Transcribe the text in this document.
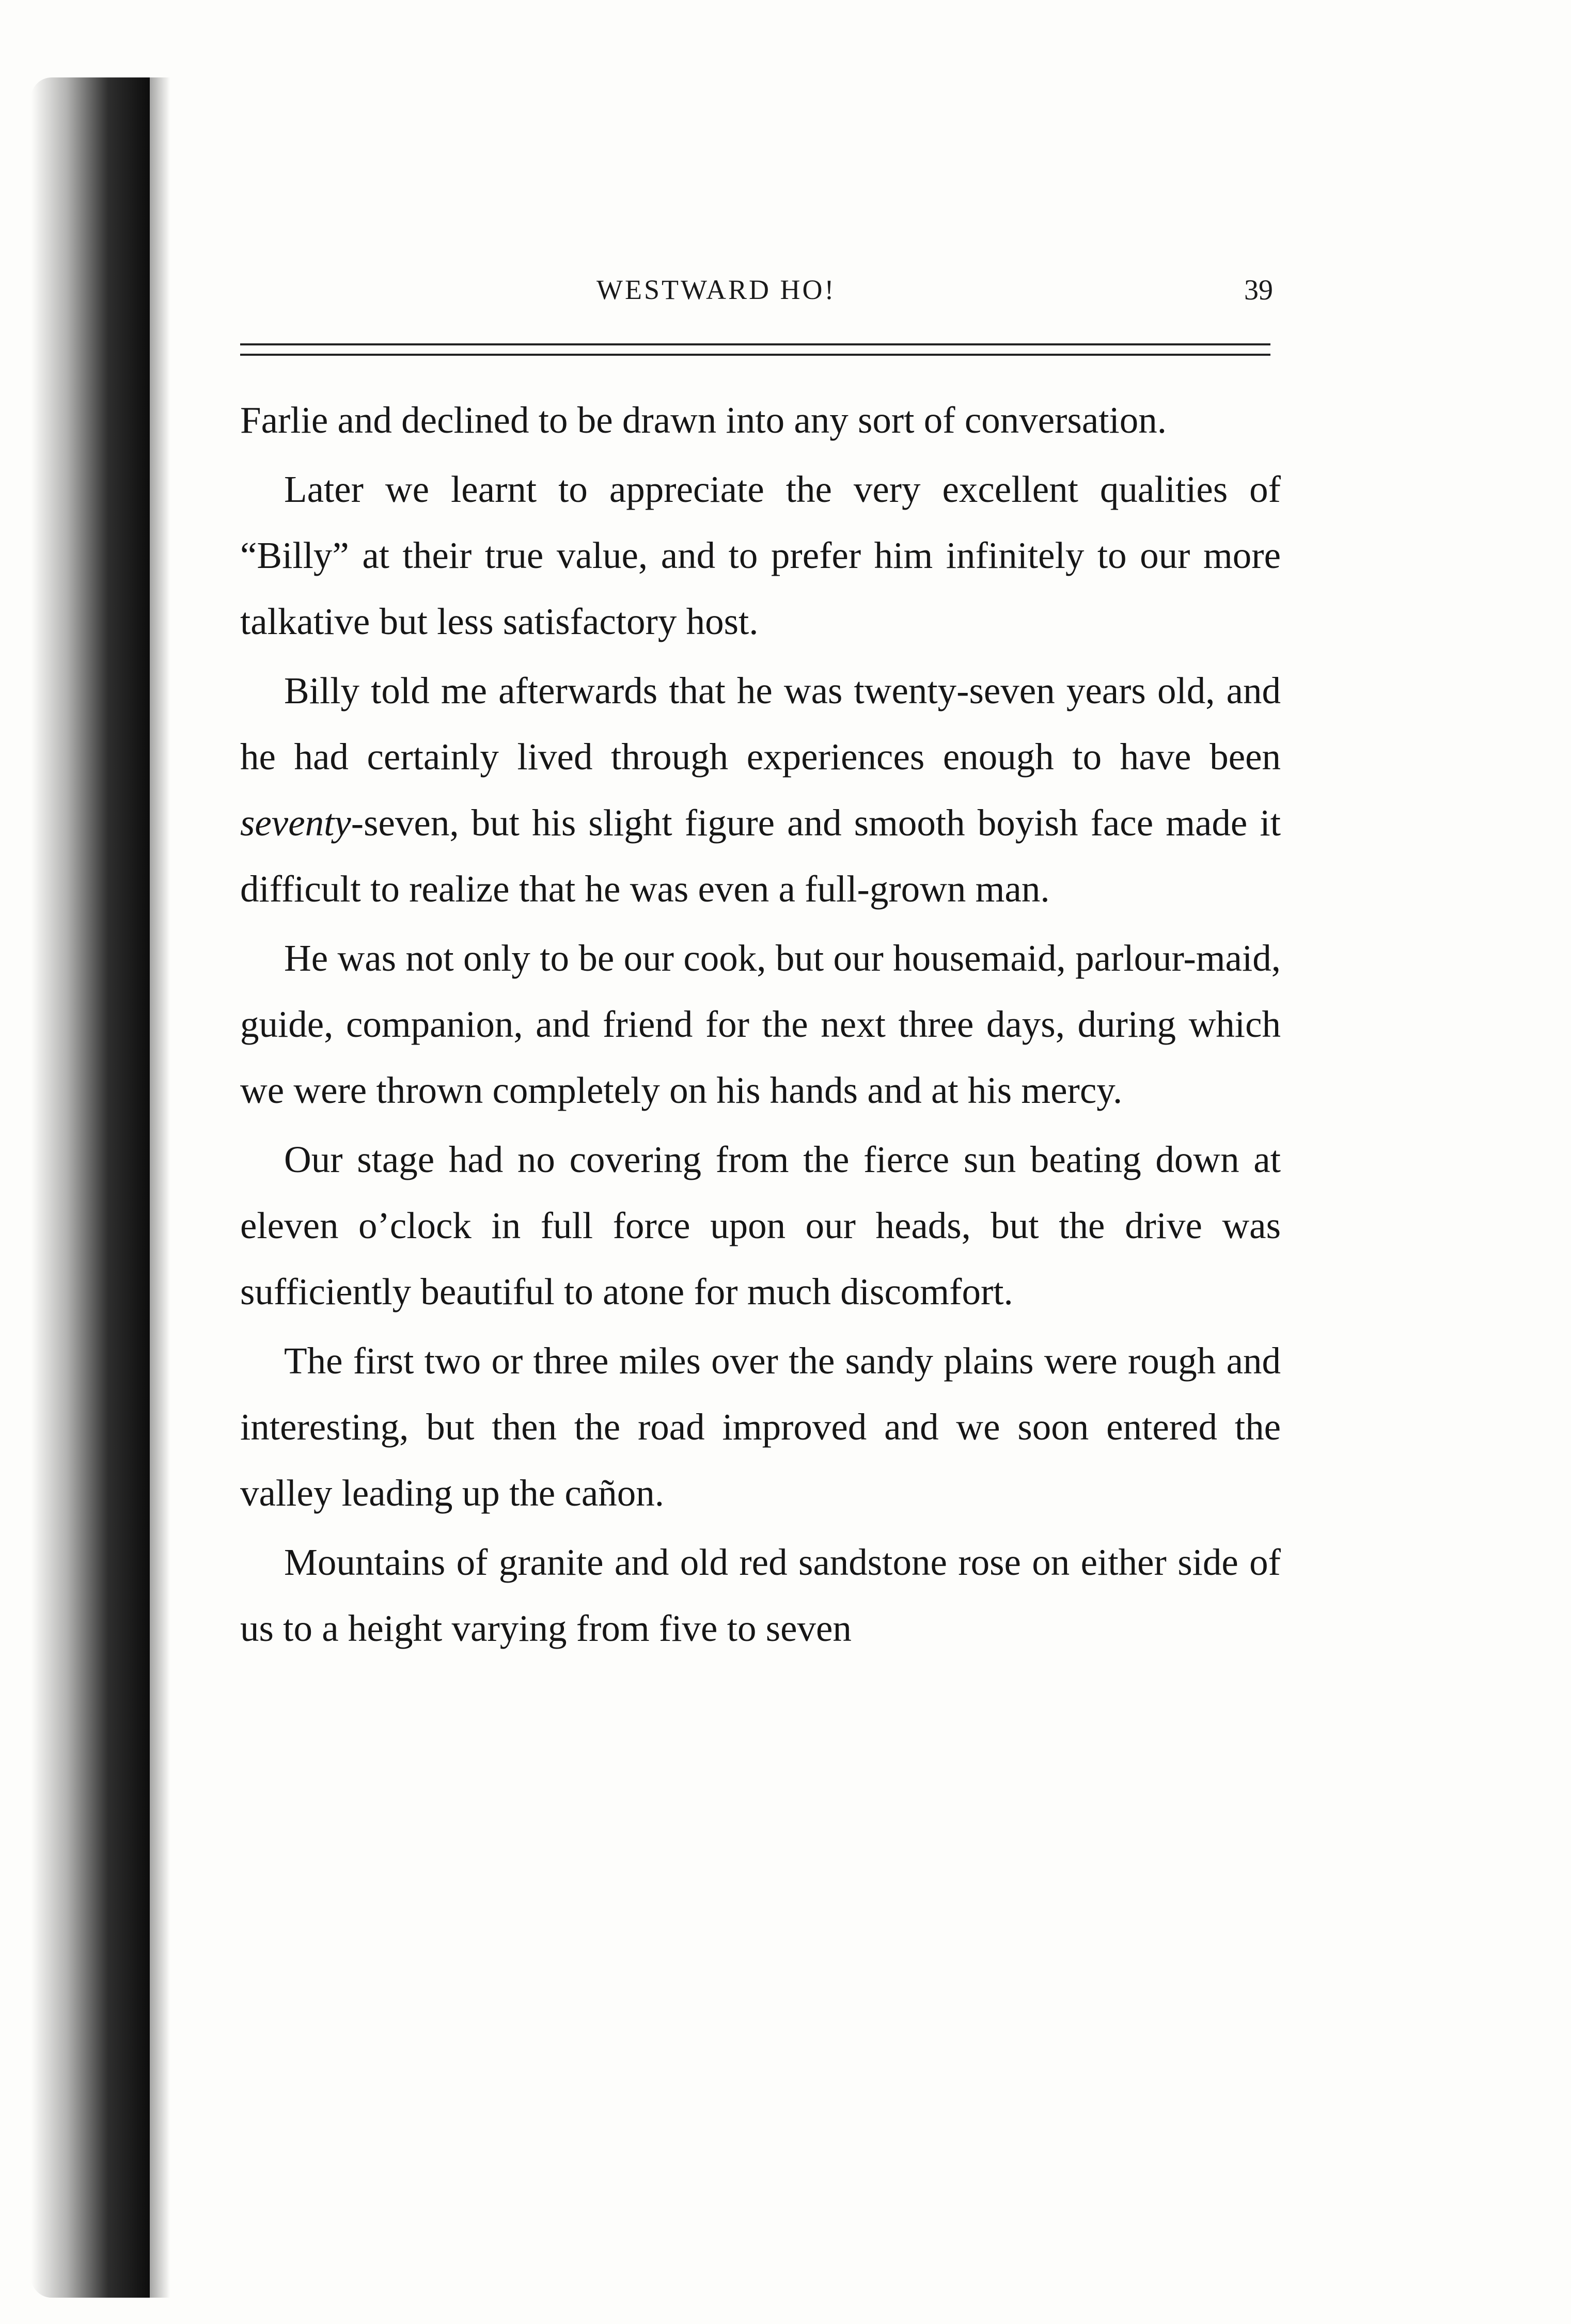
WESTWARD HO!	39

Farlie and declined to be drawn into any sort of conversation.

Later we learnt to appreciate the very excellent qualities of “Billy” at their true value, and to prefer him infinitely to our more talkative but less satisfactory host.

Billy told me afterwards that he was twenty-seven years old, and he had certainly lived through experiences enough to have been seventy-seven, but his slight figure and smooth boyish face made it difficult to realize that he was even a full-grown man.

He was not only to be our cook, but our housemaid, parlour-maid, guide, companion, and friend for the next three days, during which we were thrown completely on his hands and at his mercy.

Our stage had no covering from the fierce sun beating down at eleven o’clock in full force upon our heads, but the drive was sufficiently beautiful to atone for much discomfort.

The first two or three miles over the sandy plains were rough and interesting, but then the road improved and we soon entered the valley leading up the cañon.

Mountains of granite and old red sandstone rose on either side of us to a height varying from five to seven
